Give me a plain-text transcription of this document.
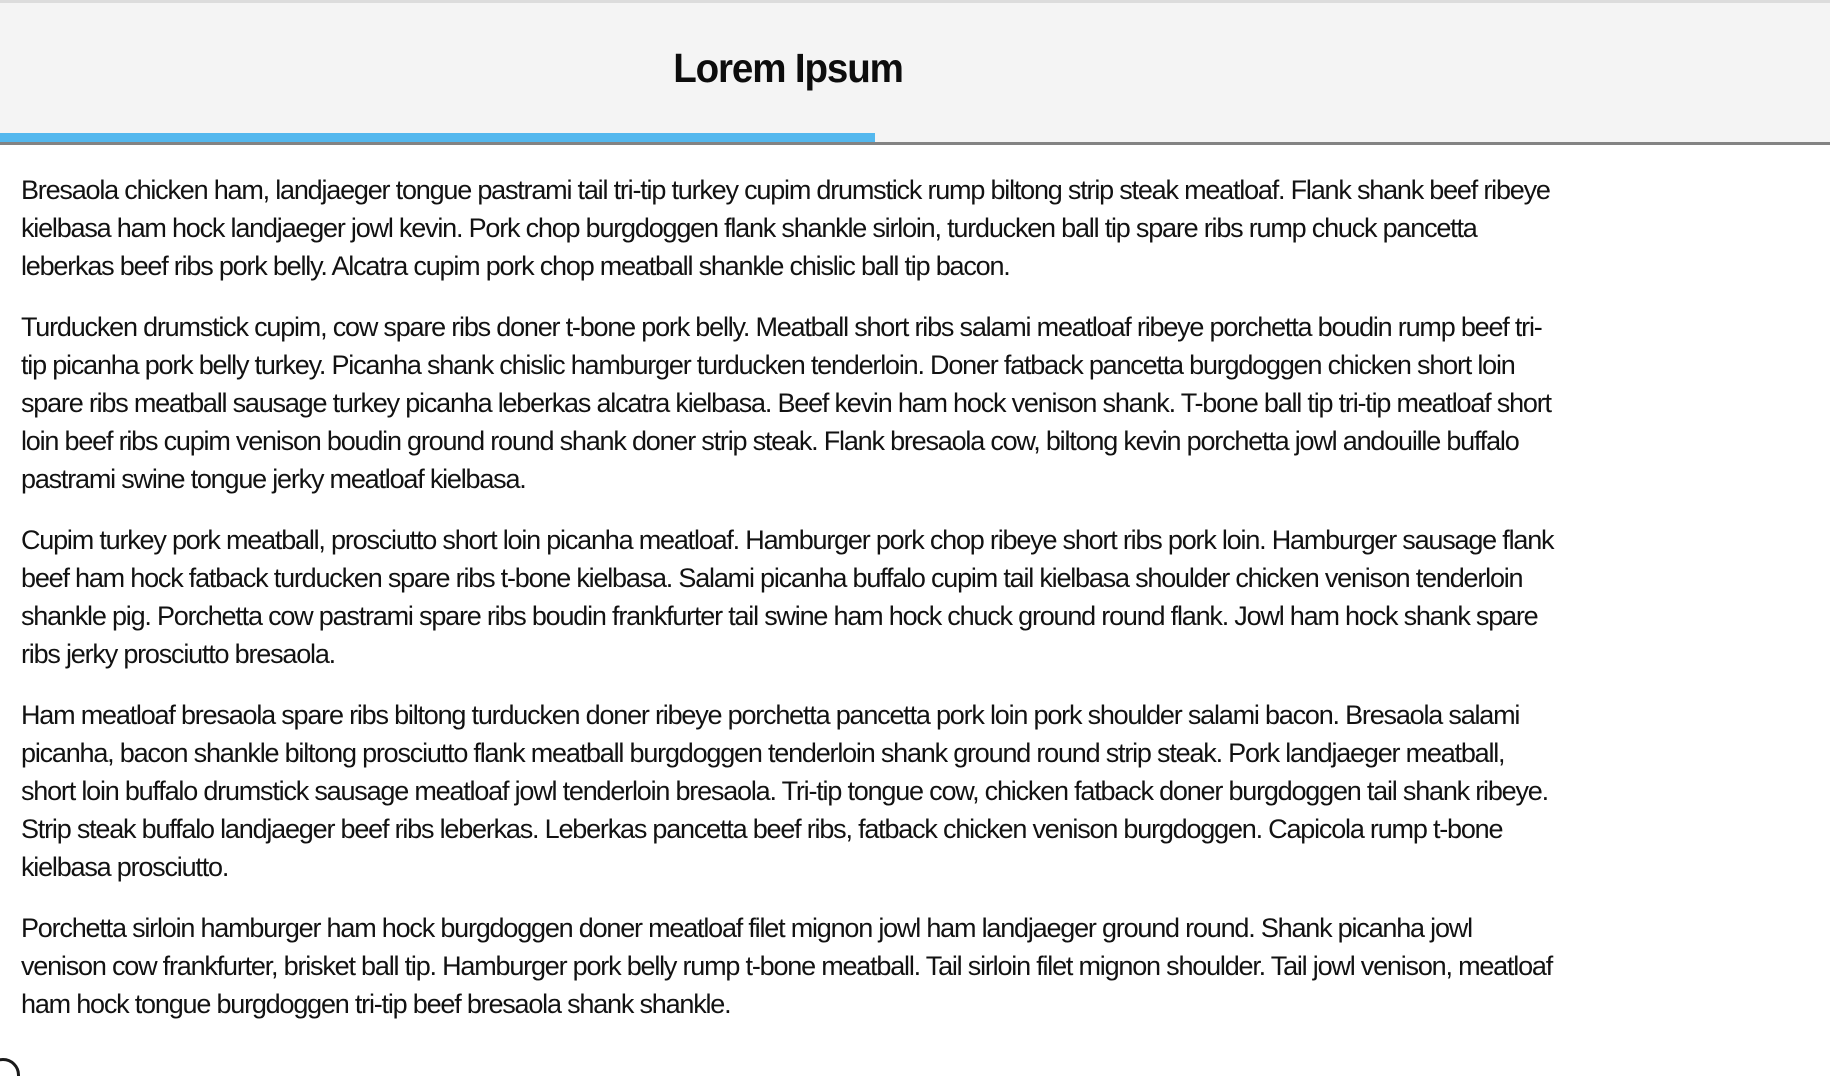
Lorem Ipsum

Bresaola chicken ham, landjaeger tongue pastrami tail tri-tip turkey cupim drumstick rump biltong strip steak meatloaf. Flank shank beef ribeye kielbasa ham hock landjaeger jowl kevin. Pork chop burgdoggen flank shankle sirloin, turducken ball tip spare ribs rump chuck pancetta leberkas beef ribs pork belly. Alcatra cupim pork chop meatball shankle chislic ball tip bacon.

Turducken drumstick cupim, cow spare ribs doner t-bone pork belly. Meatball short ribs salami meatloaf ribeye porchetta boudin rump beef tri-tip picanha pork belly turkey. Picanha shank chislic hamburger turducken tenderloin. Doner fatback pancetta burgdoggen chicken short loin spare ribs meatball sausage turkey picanha leberkas alcatra kielbasa. Beef kevin ham hock venison shank. T-bone ball tip tri-tip meatloaf short loin beef ribs cupim venison boudin ground round shank doner strip steak. Flank bresaola cow, biltong kevin porchetta jowl andouille buffalo pastrami swine tongue jerky meatloaf kielbasa.

Cupim turkey pork meatball, prosciutto short loin picanha meatloaf. Hamburger pork chop ribeye short ribs pork loin. Hamburger sausage flank beef ham hock fatback turducken spare ribs t-bone kielbasa. Salami picanha buffalo cupim tail kielbasa shoulder chicken venison tenderloin shankle pig. Porchetta cow pastrami spare ribs boudin frankfurter tail swine ham hock chuck ground round flank. Jowl ham hock shank spare ribs jerky prosciutto bresaola.

Ham meatloaf bresaola spare ribs biltong turducken doner ribeye porchetta pancetta pork loin pork shoulder salami bacon. Bresaola salami picanha, bacon shankle biltong prosciutto flank meatball burgdoggen tenderloin shank ground round strip steak. Pork landjaeger meatball, short loin buffalo drumstick sausage meatloaf jowl tenderloin bresaola. Tri-tip tongue cow, chicken fatback doner burgdoggen tail shank ribeye. Strip steak buffalo landjaeger beef ribs leberkas. Leberkas pancetta beef ribs, fatback chicken venison burgdoggen. Capicola rump t-bone kielbasa prosciutto.

Porchetta sirloin hamburger ham hock burgdoggen doner meatloaf filet mignon jowl ham landjaeger ground round. Shank picanha jowl venison cow frankfurter, brisket ball tip. Hamburger pork belly rump t-bone meatball. Tail sirloin filet mignon shoulder. Tail jowl venison, meatloaf ham hock tongue burgdoggen tri-tip beef bresaola shank shankle.
